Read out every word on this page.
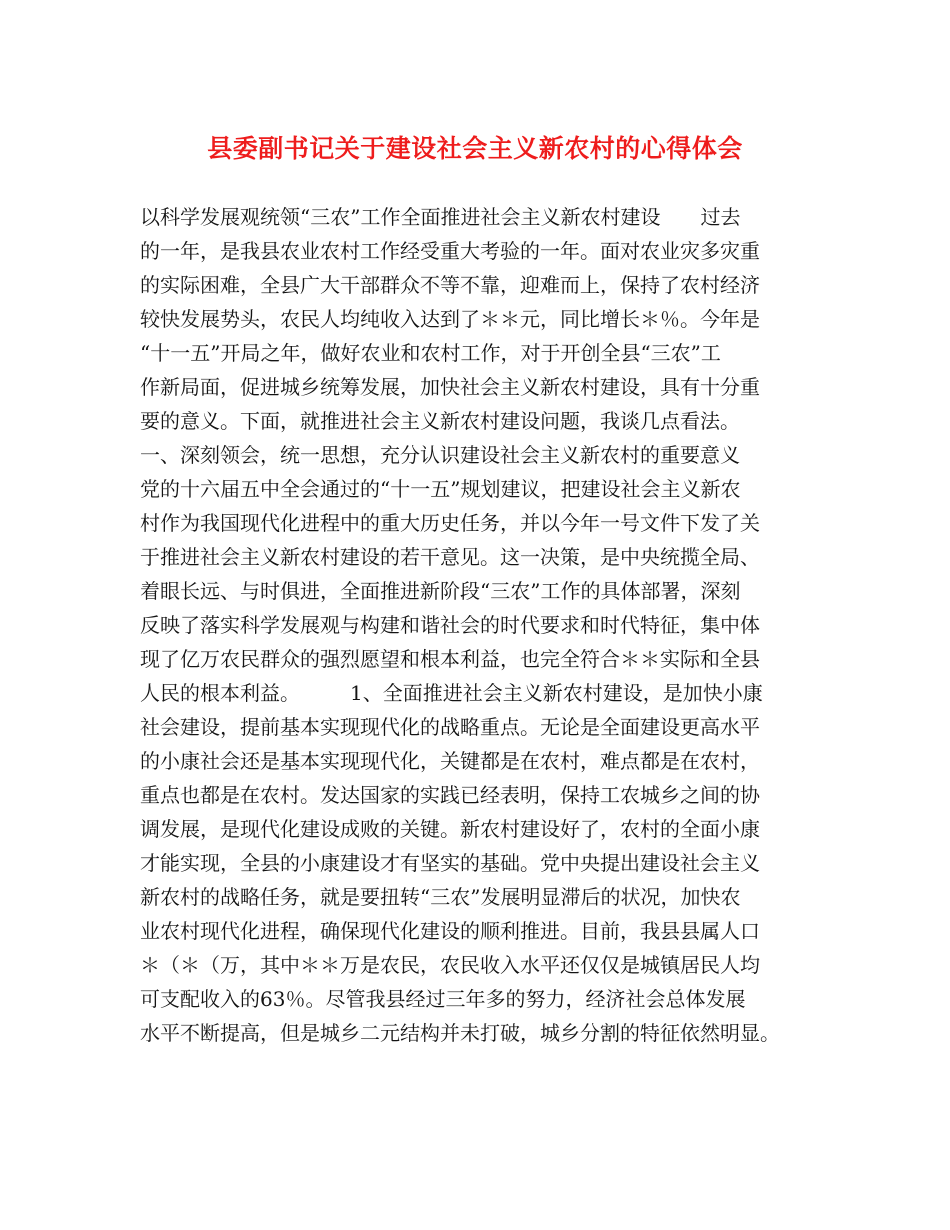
县委副书记关于建设社会主义新农村的心得体会
以科学发展观统领“三农”工作全面推进社会主义新农村建设　　过去
的一年，是我县农业农村工作经受重大考验的一年。面对农业灾多灾重
的实际困难，全县广大干部群众不等不靠，迎难而上，保持了农村经济
较快发展势头，农民人均纯收入达到了＊＊元，同比增长＊％。今年是
“十一五”开局之年，做好农业和农村工作，对于开创全县“三农”工
作新局面，促进城乡统筹发展，加快社会主义新农村建设，具有十分重
要的意义。下面，就推进社会主义新农村建设问题，我谈几点看法。
一、深刻领会，统一思想，充分认识建设社会主义新农村的重要意义
党的十六届五中全会通过的“十一五”规划建议，把建设社会主义新农
村作为我国现代化进程中的重大历史任务，并以今年一号文件下发了关
于推进社会主义新农村建设的若干意见。这一决策，是中央统揽全局、
着眼长远、与时俱进，全面推进新阶段“三农”工作的具体部署，深刻
反映了落实科学发展观与构建和谐社会的时代要求和时代特征，集中体
现了亿万农民群众的强烈愿望和根本利益，也完全符合＊＊实际和全县
人民的根本利益。　　　1、全面推进社会主义新农村建设，是加快小康
社会建设，提前基本实现现代化的战略重点。无论是全面建设更高水平
的小康社会还是基本实现现代化，关键都是在农村，难点都是在农村，
重点也都是在农村。发达国家的实践已经表明，保持工农城乡之间的协
调发展，是现代化建设成败的关键。新农村建设好了，农村的全面小康
才能实现，全县的小康建设才有坚实的基础。党中央提出建设社会主义
新农村的战略任务，就是要扭转“三农”发展明显滞后的状况，加快农
业农村现代化进程，确保现代化建设的顺利推进。目前，我县县属人口
＊（＊（万，其中＊＊万是农民，农民收入水平还仅仅是城镇居民人均
可支配收入的63％。尽管我县经过三年多的努力，经济社会总体发展
水平不断提高，但是城乡二元结构并未打破，城乡分割的特征依然明显。
